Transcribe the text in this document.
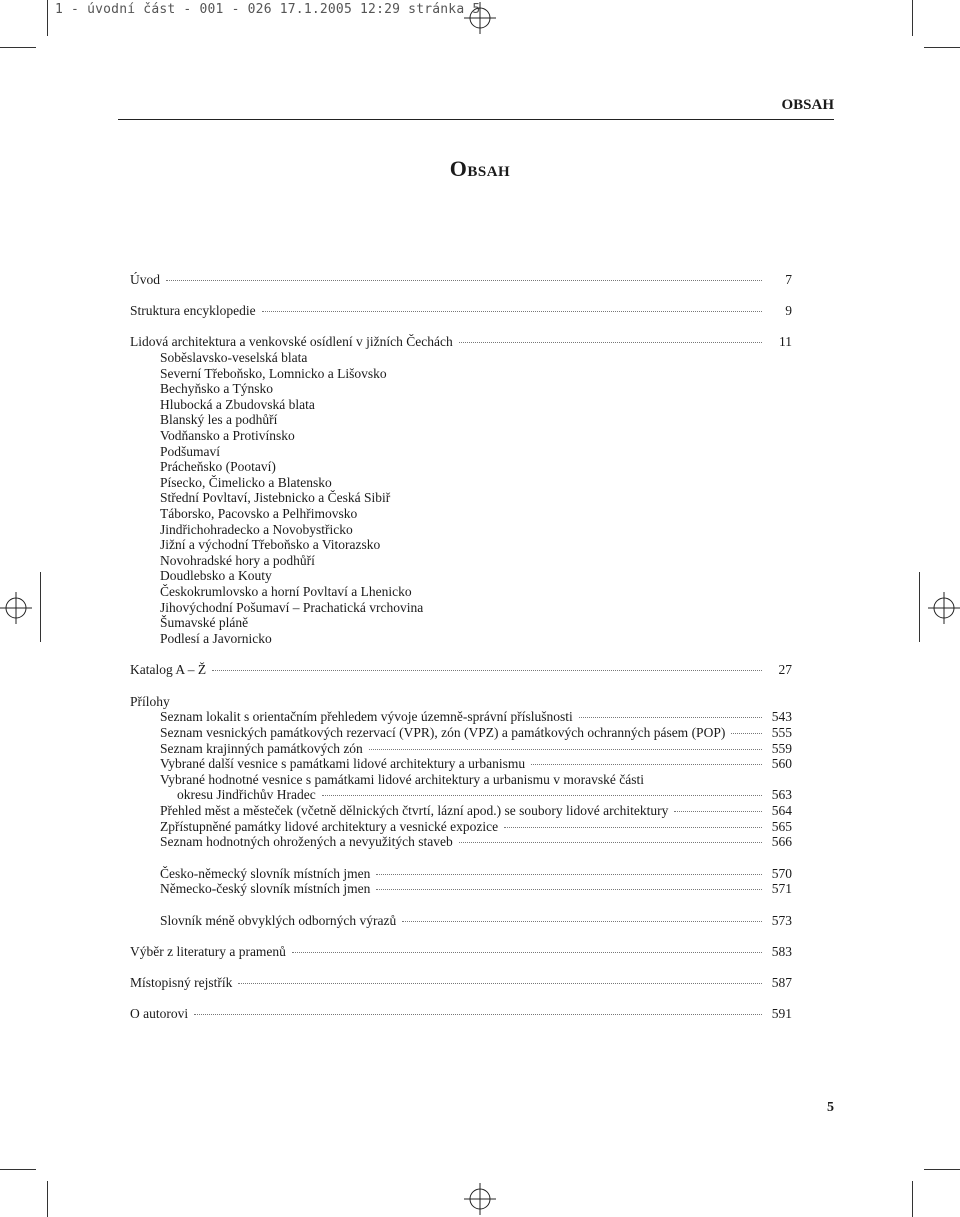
1 - úvodní část - 001 - 026 17.1.2005 12:29 stránka 5
OBSAH
Obsah
Úvod	7
Struktura encyklopedie	9
Lidová architektura a venkovské osídlení v jižních Čechách	11
Soběslavsko-veselská blata
Severní Třeboňsko, Lomnicko a Lišovsko
Bechyňsko a Týnsko
Hlubocká a Zbudovská blata
Blanský les a podhůří
Vodňansko a Protivínsko
Podšumaví
Prácheňsko (Pootaví)
Písecko, Čimelicko a Blatensko
Střední Povltaví, Jistebnicko a Česká Sibiř
Táborsko, Pacovsko a Pelhřimovsko
Jindřichohradecko a Novobystřicko
Jižní a východní Třeboňsko a Vitorazsko
Novohradské hory a podhůří
Doudlebsko a Kouty
Českokrumlovsko a horní Povltaví a Lhenicko
Jihovýchodní Pošumaví – Prachatická vrchovina
Šumavské pláně
Podlesí a Javornicko
Katalog A – Ž	27
Přílohy
Seznam lokalit s orientačním přehledem vývoje územně-správní příslušnosti	543
Seznam vesnických památkových rezervací (VPR), zón (VPZ) a památkových ochranných pásem (POP)	555
Seznam krajinných památkových zón	559
Vybrané další vesnice s památkami lidové architektury a urbanismu	560
Vybrané hodnotné vesnice s památkami lidové architektury a urbanismu v moravské části
okresu Jindřichův Hradec	563
Přehled měst a městeček (včetně dělnických čtvrtí, lázní apod.) se soubory lidové architektury	564
Zpřístupněné památky lidové architektury a vesnické expozice	565
Seznam hodnotných ohrožených a nevyužitých staveb	566
Česko-německý slovník místních jmen	570
Německo-český slovník místních jmen	571
Slovník méně obvyklých odborných výrazů	573
Výběr z literatury a pramenů	583
Místopisný rejstřík	587
O autorovi	591
5
